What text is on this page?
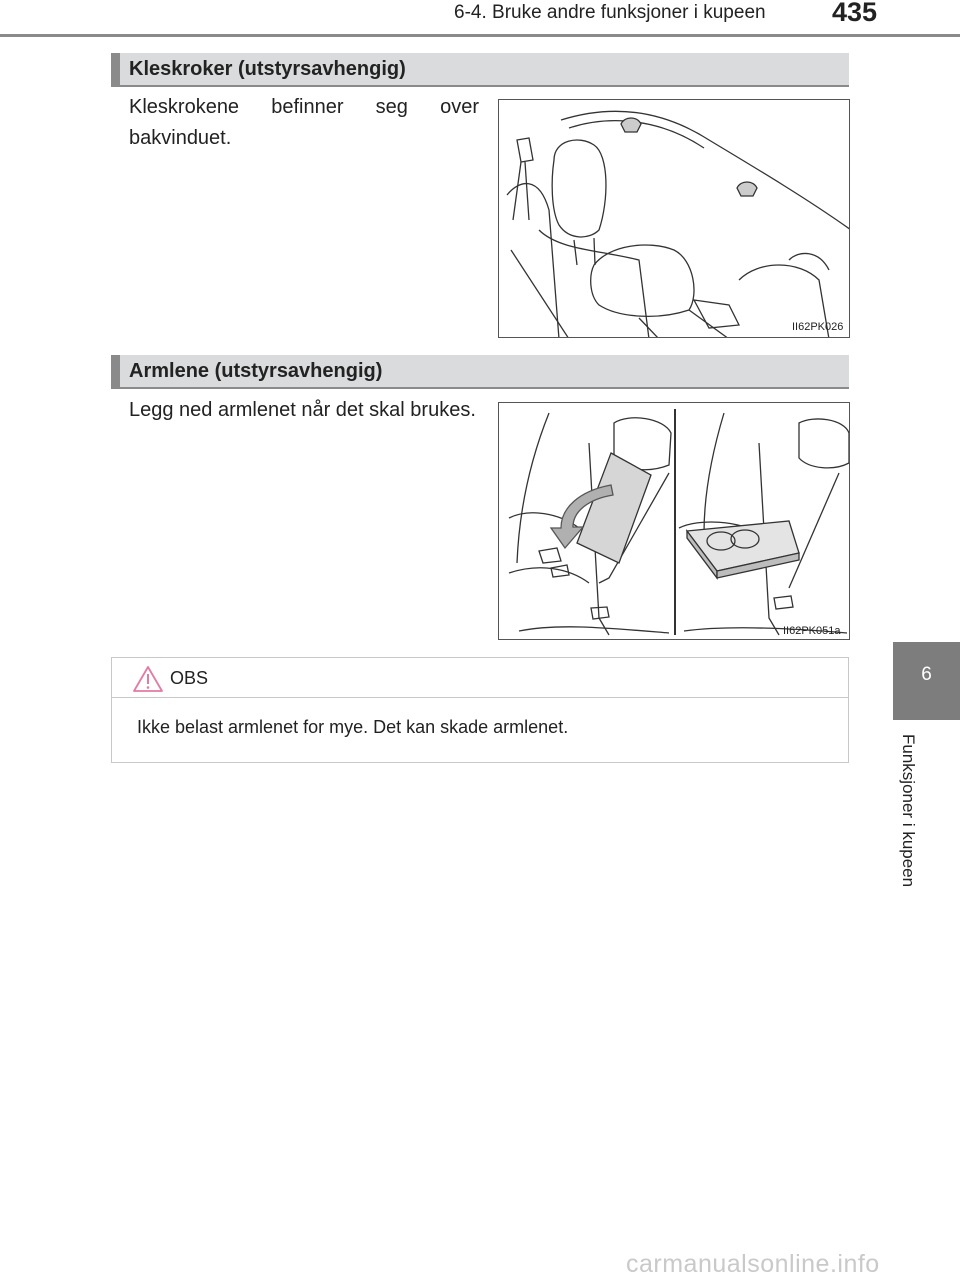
6-4. Bruke andre funksjoner i kupeen 435
6
Funksjoner i kupeen
Kleskroker (utstyrsavhengig)
Kleskrokene befinner seg over bakvinduet.
II62PK026
Armlene (utstyrsavhengig)
Legg ned armlenet når det skal brukes.
II62PK051a
OBS
Ikke belast armlenet for mye. Det kan skade armlenet.
carmanualsonline.info
